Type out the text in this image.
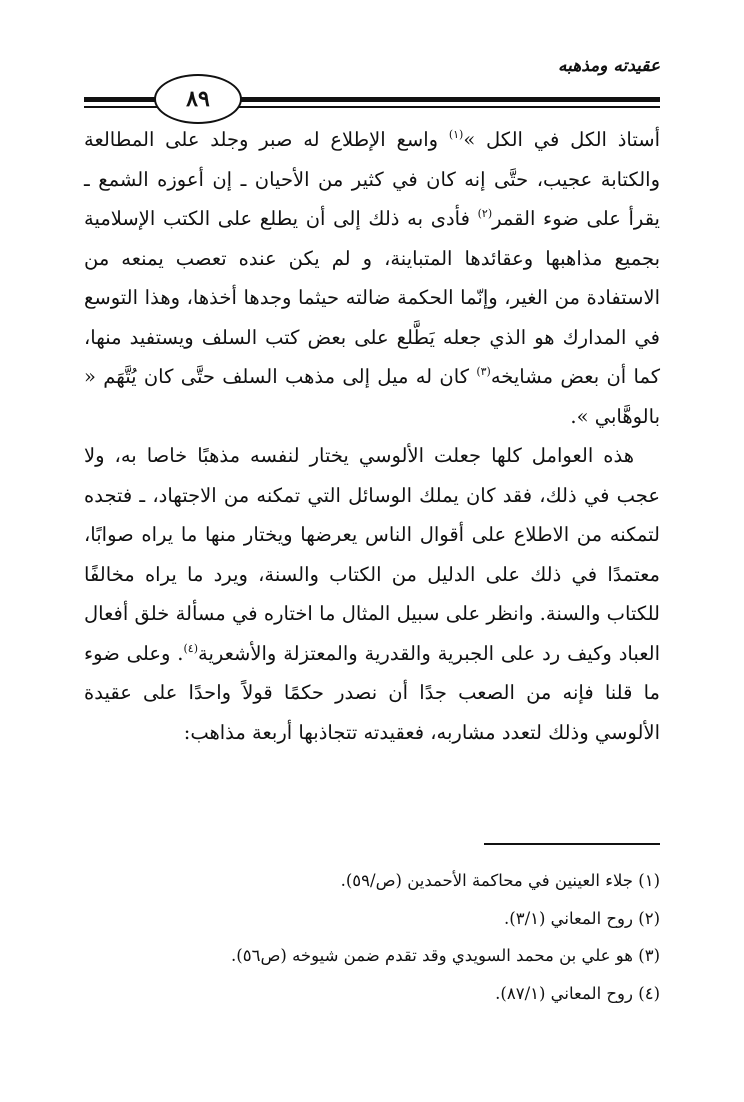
عقيدته ومذهبه
٨٩

أستاذ الكل في الكل »$^{(١)}$ واسع الإطلاع له صبر وجلد على المطالعة والكتابة عجيب، حتَّى إنه كان في كثير من الأحيان ـ إن أعوزه الشمع ـ يقرأ على ضوء القمر$^{(٢)}$ فأدى به ذلك إلى أن يطلع على الكتب الإسلامية بجميع مذاهبها وعقائدها المتباينة، و لم يكن عنده تعصب يمنعه من الاستفادة من الغير، وإنّما الحكمة ضالته حيثما وجدها أخذها، وهذا التوسع في المدارك هو الذي جعله يَطَّلع على بعض كتب السلف ويستفيد منها، كما أن بعض مشايخه$^{(٣)}$ كان له ميل إلى مذهب السلف حتَّى كان يُتَّهَم « بالوهَّابي ».

هذه العوامل كلها جعلت الألوسي يختار لنفسه مذهبًا خاصا به، ولا عجب في ذلك، فقد كان يملك الوسائل التي تمكنه من الاجتهاد، ـ فتجده لتمكنه من الاطلاع على أقوال الناس يعرضها ويختار منها ما يراه صوابًا، معتمدًا في ذلك على الدليل من الكتاب والسنة، ويرد ما يراه مخالفًا للكتاب والسنة. وانظر على سبيل المثال ما اختاره في مسألة خلق أفعال العباد وكيف رد على الجبرية والقدرية والمعتزلة والأشعرية$^{(٤)}$. وعلى ضوء ما قلنا فإنه من الصعب جدًا أن نصدر حكمًا قولاً واحدًا على عقيدة الألوسي وذلك لتعدد مشاربه، فعقيدته تتجاذبها أربعة مذاهب:

(١) جلاء العينين في محاكمة الأحمدين (ص/٥٩).
(٢) روح المعاني (٣/١).
(٣) هو علي بن محمد السويدي وقد تقدم ضمن شيوخه (ص٥٦).
(٤) روح المعاني (٨٧/١).
